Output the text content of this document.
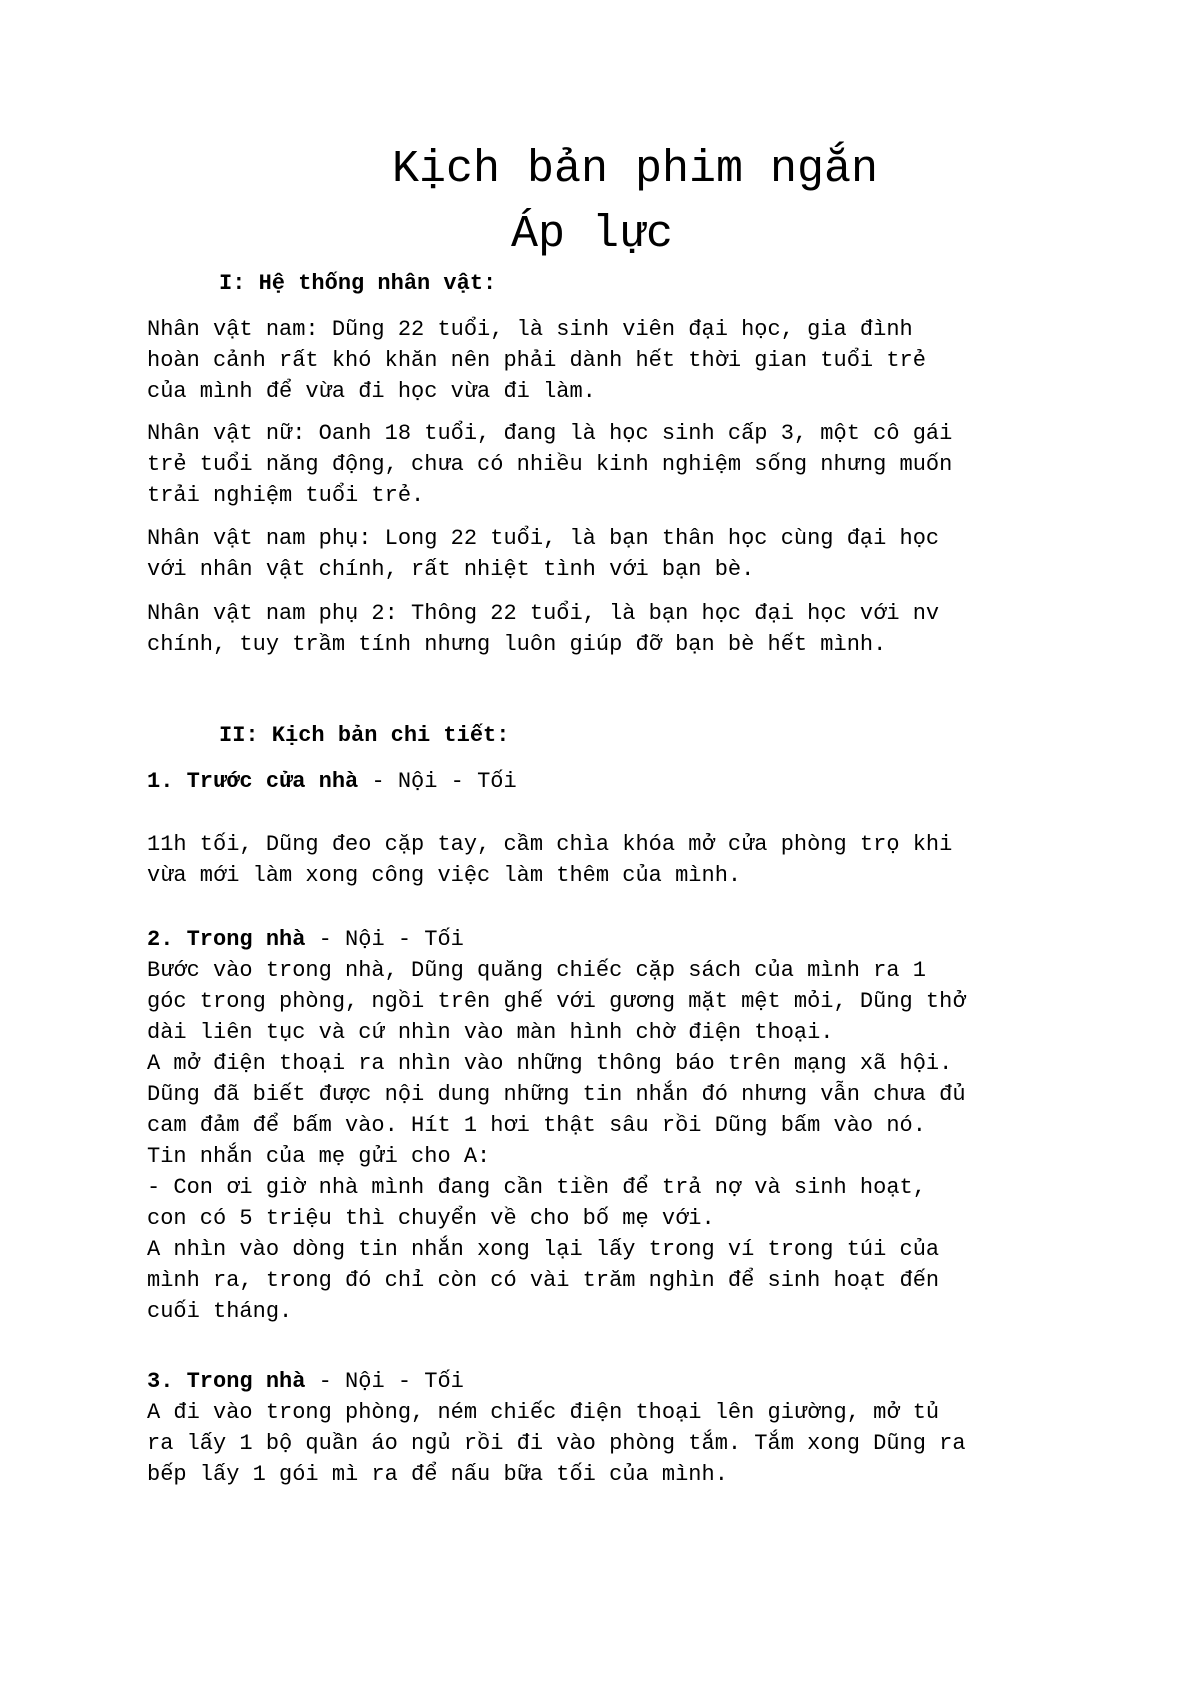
Kịch bản phim ngắn
Áp lực

I: Hệ thống nhân vật:

Nhân vật nam: Dũng 22 tuổi, là sinh viên đại học, gia đình
hoàn cảnh rất khó khăn nên phải dành hết thời gian tuổi trẻ
của mình để vừa đi học vừa đi làm.

Nhân vật nữ: Oanh 18 tuổi, đang là học sinh cấp 3, một cô gái
trẻ tuổi năng động, chưa có nhiều kinh nghiệm sống nhưng muốn
trải nghiệm tuổi trẻ.

Nhân vật nam phụ: Long 22 tuổi, là bạn thân học cùng đại học
với nhân vật chính, rất nhiệt tình với bạn bè.

Nhân vật nam phụ 2: Thông 22 tuổi, là bạn học đại học với nv
chính, tuy trầm tính nhưng luôn giúp đỡ bạn bè hết mình.

II: Kịch bản chi tiết:

1. Trước cửa nhà - Nội - Tối

11h tối, Dũng đeo cặp tay, cầm chìa khóa mở cửa phòng trọ khi
vừa mới làm xong công việc làm thêm của mình.

2. Trong nhà - Nội - Tối

Bước vào trong nhà, Dũng quăng chiếc cặp sách của mình ra 1
góc trong phòng, ngồi trên ghế với gương mặt mệt mỏi, Dũng thở
dài liên tục và cứ nhìn vào màn hình chờ điện thoại.
A mở điện thoại ra nhìn vào những thông báo trên mạng xã hội.
Dũng đã biết được nội dung những tin nhắn đó nhưng vẫn chưa đủ
cam đảm để bấm vào. Hít 1 hơi thật sâu rồi Dũng bấm vào nó.
Tin nhắn của mẹ gửi cho A:
- Con ơi giờ nhà mình đang cần tiền để trả nợ và sinh hoạt,
con có 5 triệu thì chuyển về cho bố mẹ với.
A nhìn vào dòng tin nhắn xong lại lấy trong ví trong túi của
mình ra, trong đó chỉ còn có vài trăm nghìn để sinh hoạt đến
cuối tháng.

3. Trong nhà - Nội - Tối

A đi vào trong phòng, ném chiếc điện thoại lên giường, mở tủ
ra lấy 1 bộ quần áo ngủ rồi đi vào phòng tắm. Tắm xong Dũng ra
bếp lấy 1 gói mì ra để nấu bữa tối của mình.
